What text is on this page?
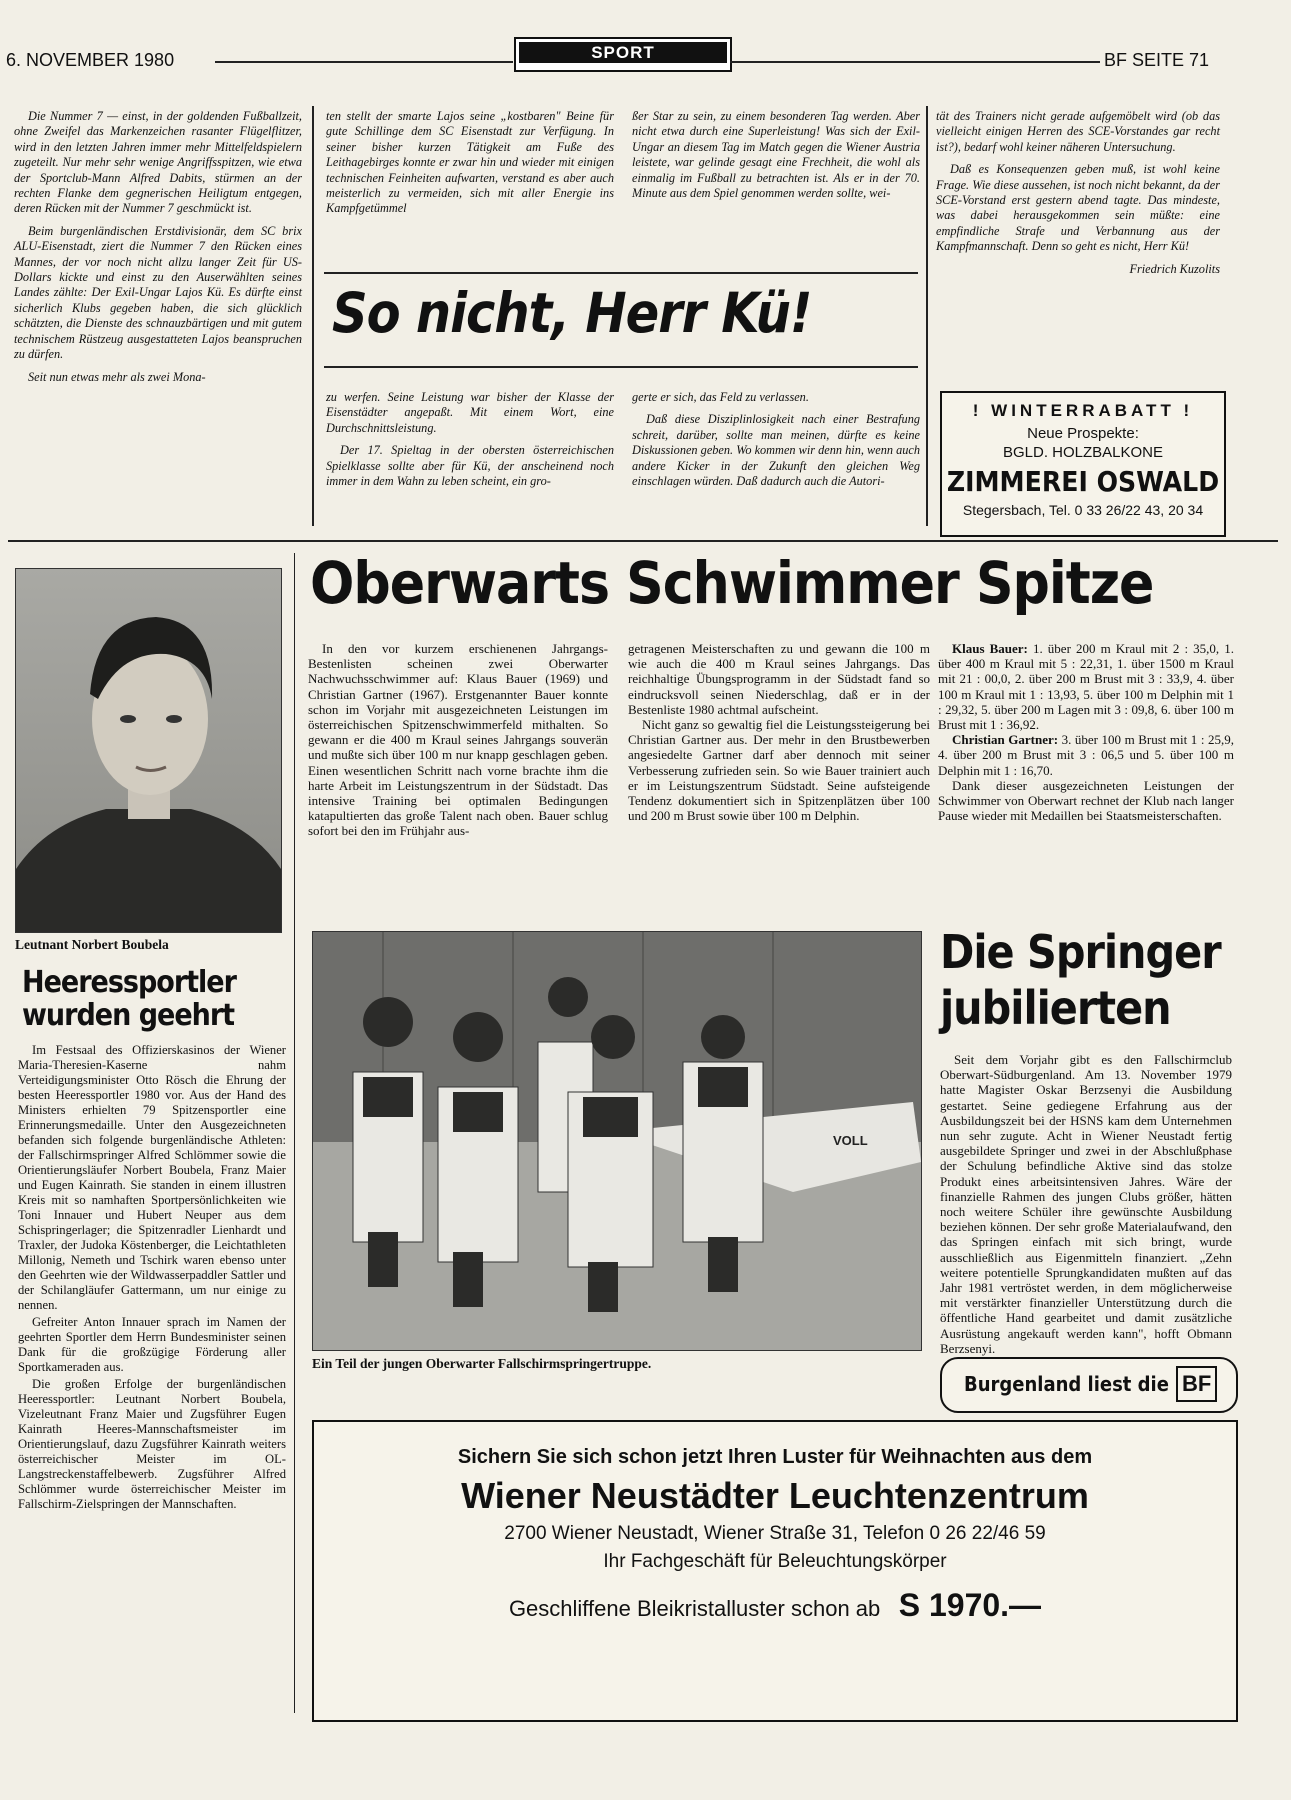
6. NOVEMBER 1980	SPORT	BF SEITE 71

Die Nummer 7 — einst, in der goldenden Fußballzeit, ohne Zweifel das Markenzeichen rasanter Flügelflitzer, wird in den letzten Jahren immer mehr Mittelfeldspielern zugeteilt. Nur mehr sehr wenige Angriffsspitzen, wie etwa der Sportclub-Mann Alfred Dabits, stürmen an der rechten Flanke dem gegnerischen Heiligtum entgegen, deren Rücken mit der Nummer 7 geschmückt ist.

Beim burgenländischen Erstdivisionär, dem SC brix ALU-Eisenstadt, ziert die Nummer 7 den Rücken eines Mannes, der vor noch nicht allzu langer Zeit für US-Dollars kickte und einst zu den Auserwählten seines Landes zählte: Der Exil-Ungar Lajos Kü. Es dürfte einst sicherlich Klubs gegeben haben, die sich glücklich schätzten, die Dienste des schnauzbärtigen und mit gutem technischem Rüstzeug ausgestatteten Lajos beanspruchen zu dürfen.

Seit nun etwas mehr als zwei Mona-

ten stellt der smarte Lajos seine „kostbaren" Beine für gute Schillinge dem SC Eisenstadt zur Verfügung. In seiner bisher kurzen Tätigkeit am Fuße des Leithagebirges konnte er zwar hin und wieder mit einigen technischen Feinheiten aufwarten, verstand es aber auch meisterlich zu vermeiden, sich mit aller Energie ins Kampfgetümmel

ßer Star zu sein, zu einem besonderen Tag werden. Aber nicht etwa durch eine Superleistung! Was sich der Exil-Ungar an diesem Tag im Match gegen die Wiener Austria leistete, war gelinde gesagt eine Frechheit, die wohl als einmalig im Fußball zu betrachten ist. Als er in der 70. Minute aus dem Spiel genommen werden sollte, wei-

So nicht, Herr Kü!

zu werfen. Seine Leistung war bisher der Klasse der Eisenstädter angepaßt. Mit einem Wort, eine Durchschnittsleistung.

Der 17. Spieltag in der obersten österreichischen Spielklasse sollte aber für Kü, der anscheinend noch immer in dem Wahn zu leben scheint, ein gro-

gerte er sich, das Feld zu verlassen.

Daß diese Disziplinlosigkeit nach einer Bestrafung schreit, darüber, sollte man meinen, dürfte es keine Diskussionen geben. Wo kommen wir denn hin, wenn auch andere Kicker in der Zukunft den gleichen Weg einschlagen würden. Daß dadurch auch die Autori-

tät des Trainers nicht gerade aufgemöbelt wird (ob das vielleicht einigen Herren des SCE-Vorstandes gar recht ist?), bedarf wohl keiner näheren Untersuchung.

Daß es Konsequenzen geben muß, ist wohl keine Frage. Wie diese aussehen, ist noch nicht bekannt, da der SCE-Vorstand erst gestern abend tagte. Das mindeste, was dabei herausgekommen sein müßte: eine empfindliche Strafe und Verbannung aus der Kampfmannschaft. Denn so geht es nicht, Herr Kü!

Friedrich Kuzolits
! WINTERRABATT !
Neue Prospekte:
BGLD. HOLZBALKONE
ZIMMEREI OSWALD
Stegersbach, Tel. 0 33 26/22 43, 20 34
Leutnant Norbert Boubela
Heeressportler
wurden geehrt

Im Festsaal des Offizierskasinos der Wiener Maria-Theresien-Kaserne nahm Verteidigungsminister Otto Rösch die Ehrung der besten Heeressportler 1980 vor. Aus der Hand des Ministers erhielten 79 Spitzensportler eine Erinnerungsmedaille. Unter den Ausgezeichneten befanden sich folgende burgenländische Athleten: der Fallschirmspringer Alfred Schlömmer sowie die Orientierungsläufer Norbert Boubela, Franz Maier und Eugen Kainrath. Sie standen in einem illustren Kreis mit so namhaften Sportpersönlichkeiten wie Toni Innauer und Hubert Neuper aus dem Schispringerlager; die Spitzenradler Lienhardt und Traxler, der Judoka Köstenberger, die Leichtathleten Millonig, Nemeth und Tschirk waren ebenso unter den Geehrten wie der Wildwasserpaddler Sattler und der Schilangläufer Gattermann, um nur einige zu nennen.

Gefreiter Anton Innauer sprach im Namen der geehrten Sportler dem Herrn Bundesminister seinen Dank für die großzügige Förderung aller Sportkameraden aus.

Die großen Erfolge der burgenländischen Heeressportler: Leutnant Norbert Boubela, Vizeleutnant Franz Maier und Zugsführer Eugen Kainrath Heeres-Mannschaftsmeister im Orientierungslauf, dazu Zugsführer Kainrath weiters österreichischer Meister im OL-Langstreckenstaffelbewerb. Zugsführer Alfred Schlömmer wurde österreichischer Meister im Fallschirm-Zielspringen der Mannschaften.

Oberwarts Schwimmer Spitze

In den vor kurzem erschienenen Jahrgangs-Bestenlisten scheinen zwei Oberwarter Nachwuchsschwimmer auf: Klaus Bauer (1969) und Christian Gartner (1967). Erstgenannter Bauer konnte schon im Vorjahr mit ausgezeichneten Leistungen im österreichischen Spitzenschwimmerfeld mithalten. So gewann er die 400 m Kraul seines Jahrgangs souverän und mußte sich über 100 m nur knapp geschlagen geben. Einen wesentlichen Schritt nach vorne brachte ihm die harte Arbeit im Leistungszentrum in der Südstadt. Das intensive Training bei optimalen Bedingungen katapultierten das große Talent nach oben. Bauer schlug sofort bei den im Frühjahr aus-

getragenen Meisterschaften zu und gewann die 100 m wie auch die 400 m Kraul seines Jahrgangs. Das reichhaltige Übungsprogramm in der Südstadt fand so eindrucksvoll seinen Niederschlag, daß er in der Bestenliste 1980 achtmal aufscheint.

Nicht ganz so gewaltig fiel die Leistungssteigerung bei Christian Gartner aus. Der mehr in den Brustbewerben angesiedelte Gartner darf aber dennoch mit seiner Verbesserung zufrieden sein. So wie Bauer trainiert auch er im Leistungszentrum Südstadt. Seine aufsteigende Tendenz dokumentiert sich in Spitzenplätzen über 100 und 200 m Brust sowie über 100 m Delphin.

Klaus Bauer: 1. über 200 m Kraul mit 2 : 35,0, 1. über 400 m Kraul mit 5 : 22,31, 1. über 1500 m Kraul mit 21 : 00,0, 2. über 200 m Brust mit 3 : 33,9, 4. über 100 m Kraul mit 1 : 13,93, 5. über 100 m Delphin mit 1 : 29,32, 5. über 200 m Lagen mit 3 : 09,8, 6. über 100 m Brust mit 1 : 36,92.

Christian Gartner: 3. über 100 m Brust mit 1 : 25,9, 4. über 200 m Brust mit 3 : 06,5 und 5. über 100 m Delphin mit 1 : 16,70.

Dank dieser ausgezeichneten Leistungen der Schwimmer von Oberwart rechnet der Klub nach langer Pause wieder mit Medaillen bei Staatsmeisterschaften.

VOLL
Ein Teil der jungen Oberwarter Fallschirmspringertruppe.
Die Springer
jubilierten

Seit dem Vorjahr gibt es den Fallschirmclub Oberwart-Südburgenland. Am 13. November 1979 hatte Magister Oskar Berzsenyi die Ausbildung gestartet. Seine gediegene Erfahrung aus der Ausbildungszeit bei der HSNS kam dem Unternehmen nun sehr zugute. Acht in Wiener Neustadt fertig ausgebildete Springer und zwei in der Abschlußphase der Schulung befindliche Aktive sind das stolze Produkt eines arbeitsintensiven Jahres. Wäre der finanzielle Rahmen des jungen Clubs größer, hätten noch weitere Schüler ihre gewünschte Ausbildung beziehen können. Der sehr große Materialaufwand, den das Springen einfach mit sich bringt, wurde ausschließlich aus Eigenmitteln finanziert. „Zehn weitere potentielle Sprungkandidaten mußten auf das Jahr 1981 vertröstet werden, in dem möglicherweise mit verstärkter finanzieller Unterstützung durch die öffentliche Hand gearbeitet und damit zusätzliche Ausrüstung angekauft werden kann", hofft Obmann Berzsenyi.

Burgenland liest die BF
Sichern Sie sich schon jetzt Ihren Luster für Weihnachten aus dem
Wiener Neustädter Leuchtenzentrum
2700 Wiener Neustadt, Wiener Straße 31, Telefon 0 26 22/46 59
Ihr Fachgeschäft für Beleuchtungskörper
Geschliffene Bleikristalluster schon ab S 1970.—
